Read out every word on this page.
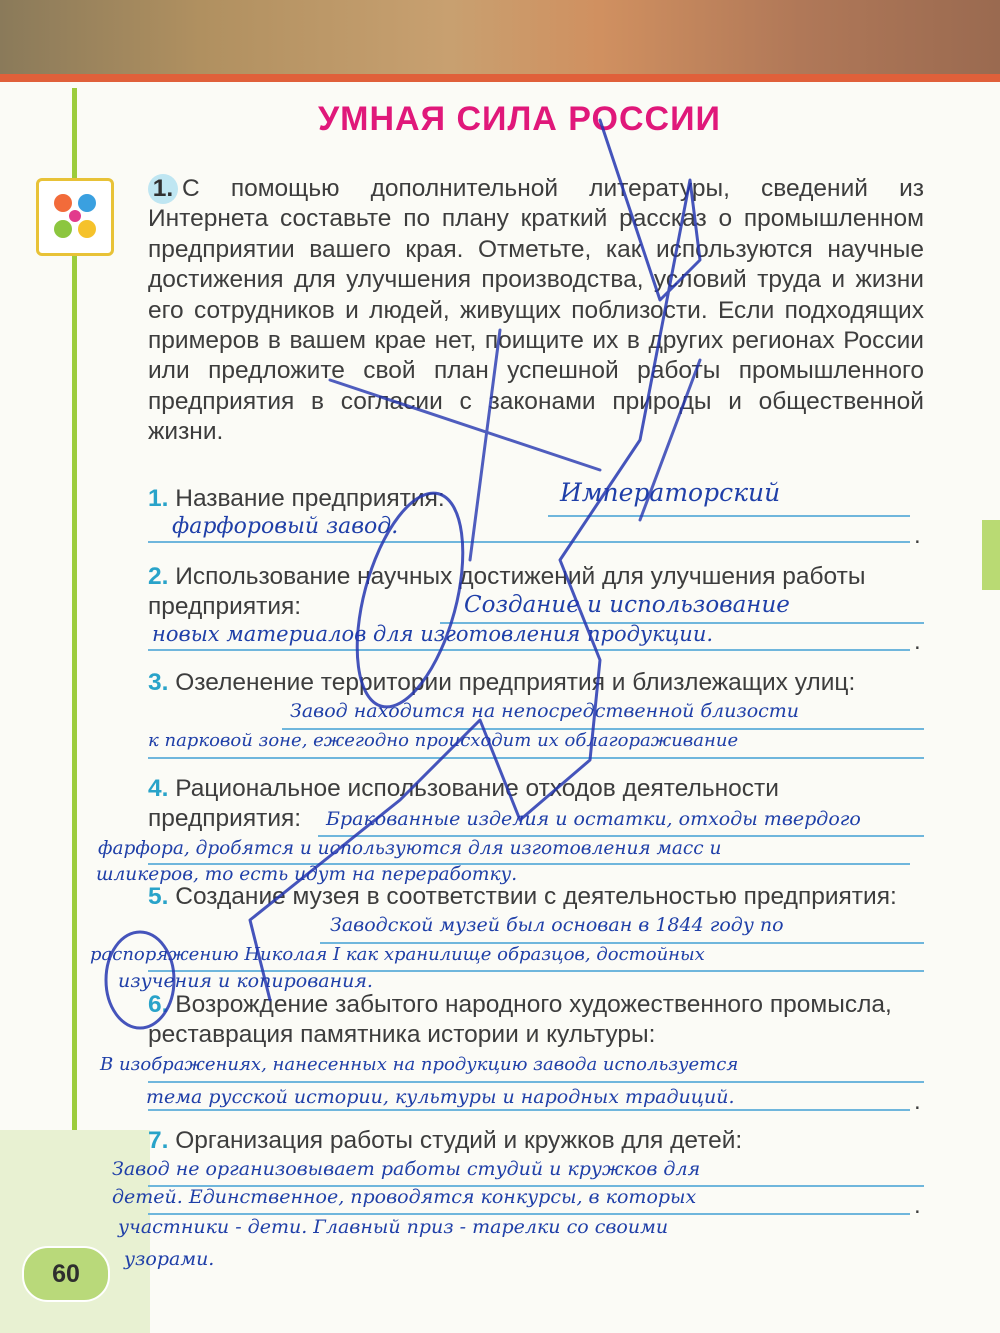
УМНАЯ СИЛА РОССИИ
1. С помощью дополнительной литературы, сведений из Интернета составьте по плану краткий рассказ о промышленном предприятии вашего края. Отметьте, как используются научные достижения для улучшения производства, условий труда и жизни его сотрудников и людей, живущих поблизости. Если подходящих примеров в вашем крае нет, поищите их в других регионах России или предложите свой план успешной работы промышленного предприятия в согласии с законами природы и общественной жизни.
1. Название предприятия:	Императорский
фарфоровый завод.	.
2. Использование научных достижений для улучшения работы предприятия:	Создание и использование
новых материалов для изготовления продукции.	.
3. Озеленение территории предприятия и близлежащих улиц:
Завод находится на непосредственной близости
к парковой зоне, ежегодно происходит их облагораживание
4. Рациональное использование отходов деятельности предприятия:	Бракованные изделия и остатки, отходы твердого
фарфора, дробятся и используются для изготовления масс и
шликеров, то есть идут на переработку.
5. Создание музея в соответствии с деятельностью предприятия:
Заводской музей был основан в 1844 году по
распоряжению Николая I как хранилище образцов, достойных
изучения и копирования.
6. Возрождение забытого народного художественного промысла, реставрация памятника истории и культуры:
В изображениях, нанесенных на продукцию завода используется
тема русской истории, культуры и народных традиций.	.
7. Организация работы студий и кружков для детей:
Завод не организовывает работы студий и кружков для
детей. Единственное, проводятся конкурсы, в которых	.
участники - дети. Главный приз - тарелки со своими
узорами.
60
